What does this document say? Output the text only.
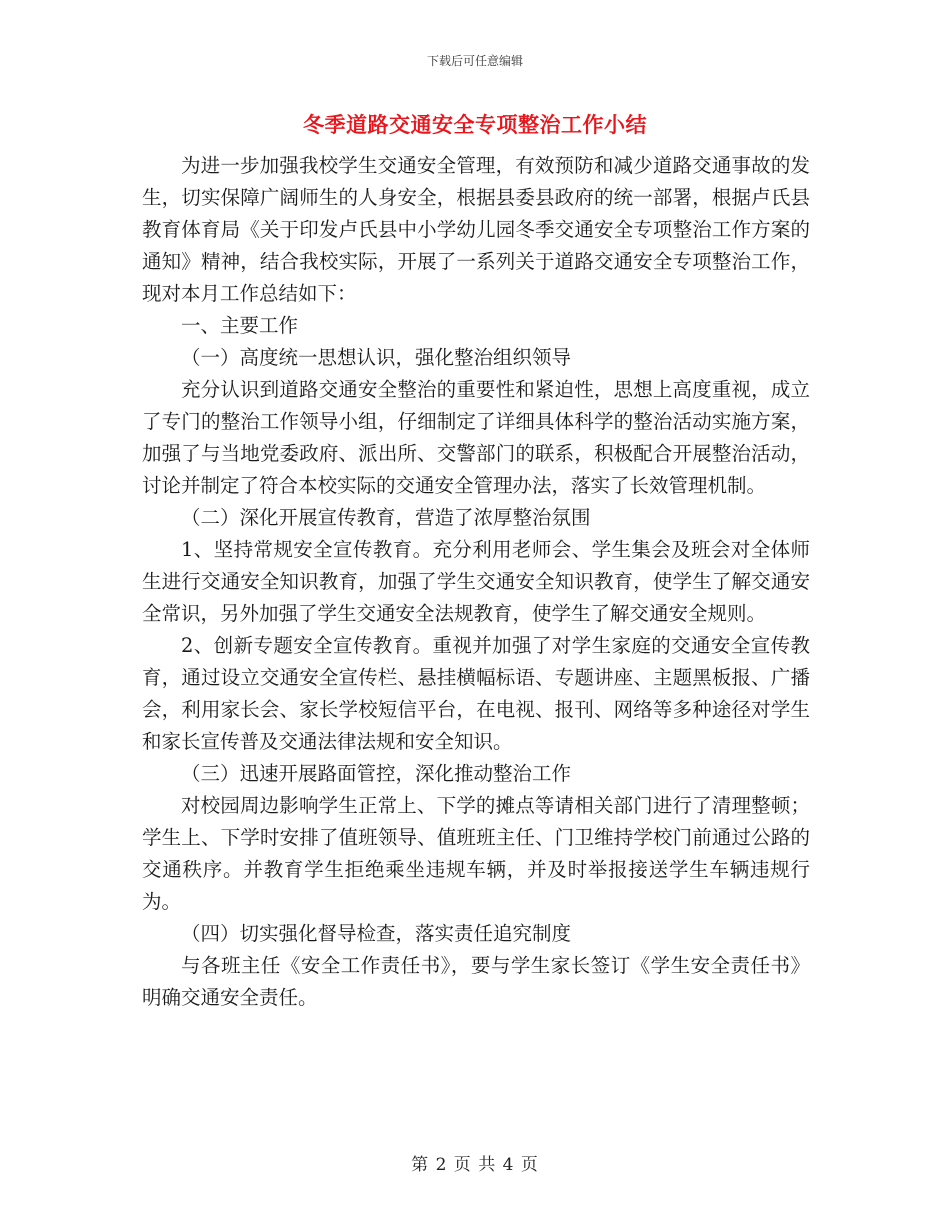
下载后可任意编辑
冬季道路交通安全专项整治工作小结

为进一步加强我校学生交通安全管理，有效预防和减少道路交通事故的发生，切实保障广阔师生的人身安全，根据县委县政府的统一部署，根据卢氏县教育体育局《关于印发卢氏县中小学幼儿园冬季交通安全专项整治工作方案的通知》精神，结合我校实际，开展了一系列关于道路交通安全专项整治工作，现对本月工作总结如下：

一、主要工作

（一）高度统一思想认识，强化整治组织领导

充分认识到道路交通安全整治的重要性和紧迫性，思想上高度重视，成立了专门的整治工作领导小组，仔细制定了详细具体科学的整治活动实施方案，加强了与当地党委政府、派出所、交警部门的联系，积极配合开展整治活动，讨论并制定了符合本校实际的交通安全管理办法，落实了长效管理机制。

（二）深化开展宣传教育，营造了浓厚整治氛围

1、坚持常规安全宣传教育。充分利用老师会、学生集会及班会对全体师生进行交通安全知识教育，加强了学生交通安全知识教育，使学生了解交通安全常识，另外加强了学生交通安全法规教育，使学生了解交通安全规则。

2、创新专题安全宣传教育。重视并加强了对学生家庭的交通安全宣传教育，通过设立交通安全宣传栏、悬挂横幅标语、专题讲座、主题黑板报、广播会，利用家长会、家长学校短信平台，在电视、报刊、网络等多种途径对学生和家长宣传普及交通法律法规和安全知识。

（三）迅速开展路面管控，深化推动整治工作

对校园周边影响学生正常上、下学的摊点等请相关部门进行了清理整顿；学生上、下学时安排了值班领导、值班班主任、门卫维持学校门前通过公路的交通秩序。并教育学生拒绝乘坐违规车辆，并及时举报接送学生车辆违规行为。

（四）切实强化督导检查，落实责任追究制度

与各班主任《安全工作责任书》，要与学生家长签订《学生安全责任书》明确交通安全责任。

第 2 页 共 4 页
